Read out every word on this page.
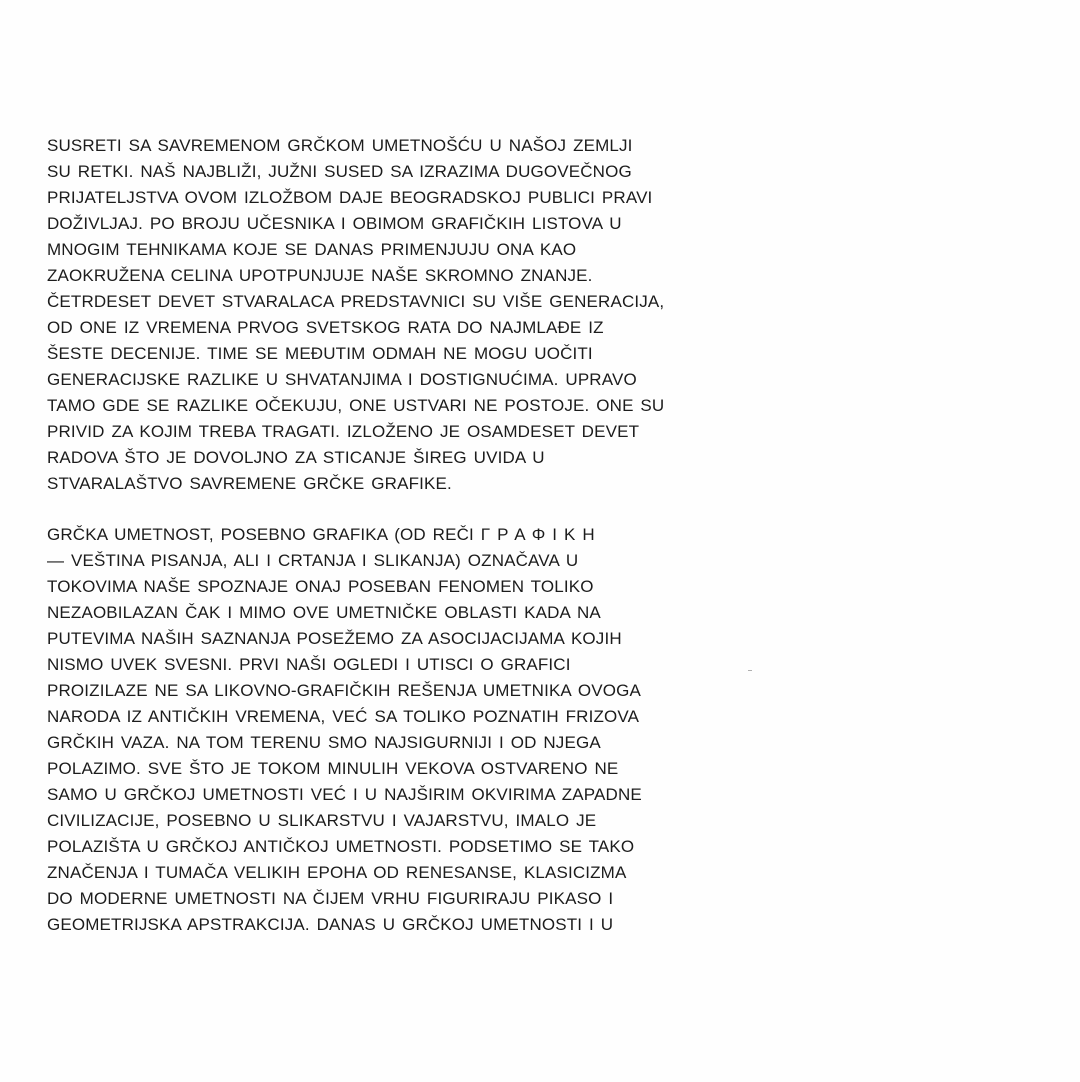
SUSRETI SA SAVREMENOM GRČKOM UMETNOŠĆU U NAŠOJ ZEMLJI
SU RETKI. NAŠ NAJBLIŽI, JUŽNI SUSED SA IZRAZIMA DUGOVEČNOG
PRIJATELJSTVA OVOM IZLOŽBOM DAJE BEOGRADSKOJ PUBLICI PRAVI
DOŽIVLJAJ. PO BROJU UČESNIKA I OBIMOM GRAFIČKIH LISTOVA U
MNOGIM TEHNIKAMA KOJE SE DANAS PRIMENJUJU ONA KAO
ZAOKRUŽENA CELINA UPOTPUNJUJE NAŠE SKROMNO ZNANJE.
ČETRDESET DEVET STVARALACA PREDSTAVNICI SU VIŠE GENERACIJA,
OD ONE IZ VREMENA PRVOG SVETSKOG RATA DO NAJMLAĐE IZ
ŠESTE DECENIJE. TIME SE MEĐUTIM ODMAH NE MOGU UOČITI
GENERACIJSKE RAZLIKE U SHVATANJIMA I DOSTIGNUĆIMA. UPRAVO
TAMO GDE SE RAZLIKE OČEKUJU, ONE USTVARI NE POSTOJE. ONE SU
PRIVID ZA KOJIM TREBA TRAGATI. IZLOŽENO JE OSAMDESET DEVET
RADOVA ŠTO JE DOVOLJNO ZA STICANJE ŠIREG UVIDA U
STVARALAŠTVO SAVREMENE GRČKE GRAFIKE.
GRČKA UMETNOST, POSEBNO GRAFIKA (OD REČI Γ Ρ Α Φ Ι Κ Η
— VEŠTINA PISANJA, ALI I CRTANJA I SLIKANJA) OZNAČAVA U
TOKOVIMA NAŠE SPOZNAJE ONAJ POSEBAN FENOMEN TOLIKO
NEZAOBILAZAN ČAK I MIMO OVE UMETNIČKE OBLASTI KADA NA
PUTEVIMA NAŠIH SAZNANJA POSEŽEMO ZA ASOCIJACIJAMA KOJIH
NISMO UVEK SVESNI. PRVI NAŠI OGLEDI I UTISCI O GRAFICI
PROIZILAZE NE SA LIKOVNO-GRAFIČKIH REŠENJA UMETNIKA OVOGA
NARODA IZ ANTIČKIH VREMENA, VEĆ SA TOLIKO POZNATIH FRIZOVA
GRČKIH VAZA. NA TOM TERENU SMO NAJSIGURNIJI I OD NJEGA
POLAZIMO. SVE ŠTO JE TOKOM MINULIH VEKOVA OSTVARENO NE
SAMO U GRČKOJ UMETNOSTI VEĆ I U NAJŠIRIM OKVIRIMA ZAPADNE
CIVILIZACIJE, POSEBNO U SLIKARSTVU I VAJARSTVU, IMALO JE
POLAZIŠTA U GRČKOJ ANTIČKOJ UMETNOSTI. PODSETIMO SE TAKO
ZNAČENJA I TUMAČA VELIKIH EPOHA OD RENESANSE, KLASICIZMA
DO MODERNE UMETNOSTI NA ČIJEM VRHU FIGURIRAJU PIKASO I
GEOMETRIJSKA APSTRAKCIJA. DANAS U GRČKOJ UMETNOSTI I U
